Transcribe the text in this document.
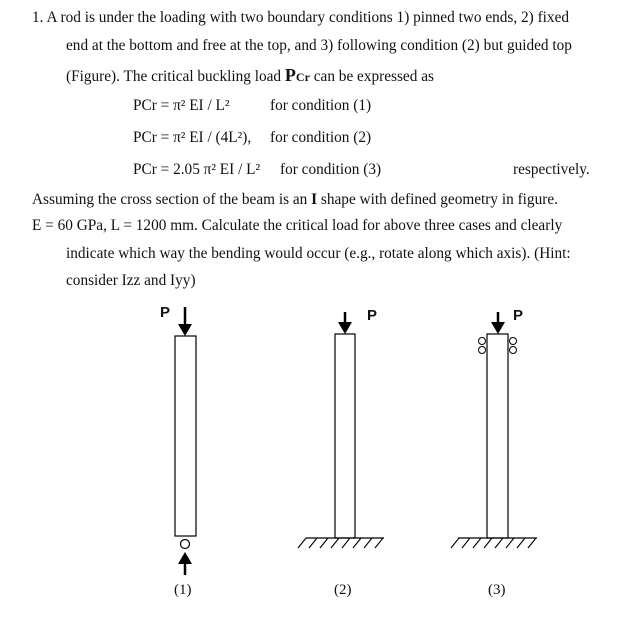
1. A rod is under the loading with two boundary conditions 1) pinned two ends, 2) fixed
end at the bottom and free at the top, and 3) following condition (2) but guided top
(Figure). The critical buckling load PCr can be expressed as
PCr = π² EI / L²	for condition (1)
PCr = π² EI / (4L²), for condition (2)
PCr = 2.05 π² EI / L² for condition (3)	respectively.
Assuming the cross section of the beam is an I shape with defined geometry in figure.
E = 60 GPa, L = 1200 mm. Calculate the critical load for above three cases and clearly
indicate which way the bending would occur (e.g., rotate along which axis). (Hint:
consider Izz and Iyy)
P	P	P
(1)	(2)	(3)
